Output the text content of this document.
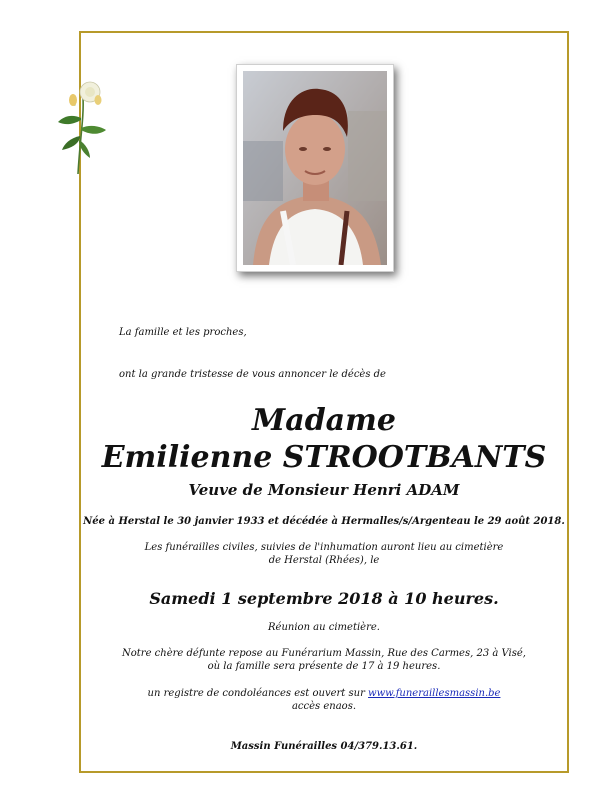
La famille et les proches,
ont la grande tristesse de vous annoncer le décès de
Madame
Emilienne STROOTBANTS
Veuve de Monsieur Henri ADAM
Née à Herstal le 30 janvier 1933 et décédée à Hermalles/s/Argenteau le 29 août 2018.
Les funérailles civiles, suivies de l'inhumation auront lieu au cimetière
de Herstal (Rhées), le
Samedi 1 septembre 2018 à 10 heures.
Réunion au cimetière.
Notre chère défunte repose au Funérarium Massin, Rue des Carmes, 23 à Visé,
où la famille sera présente de 17 à 19 heures.
un registre de condoléances est ouvert sur www.funeraillesmassin.be
accès enaos.
Massin Funérailles 04/379.13.61.
